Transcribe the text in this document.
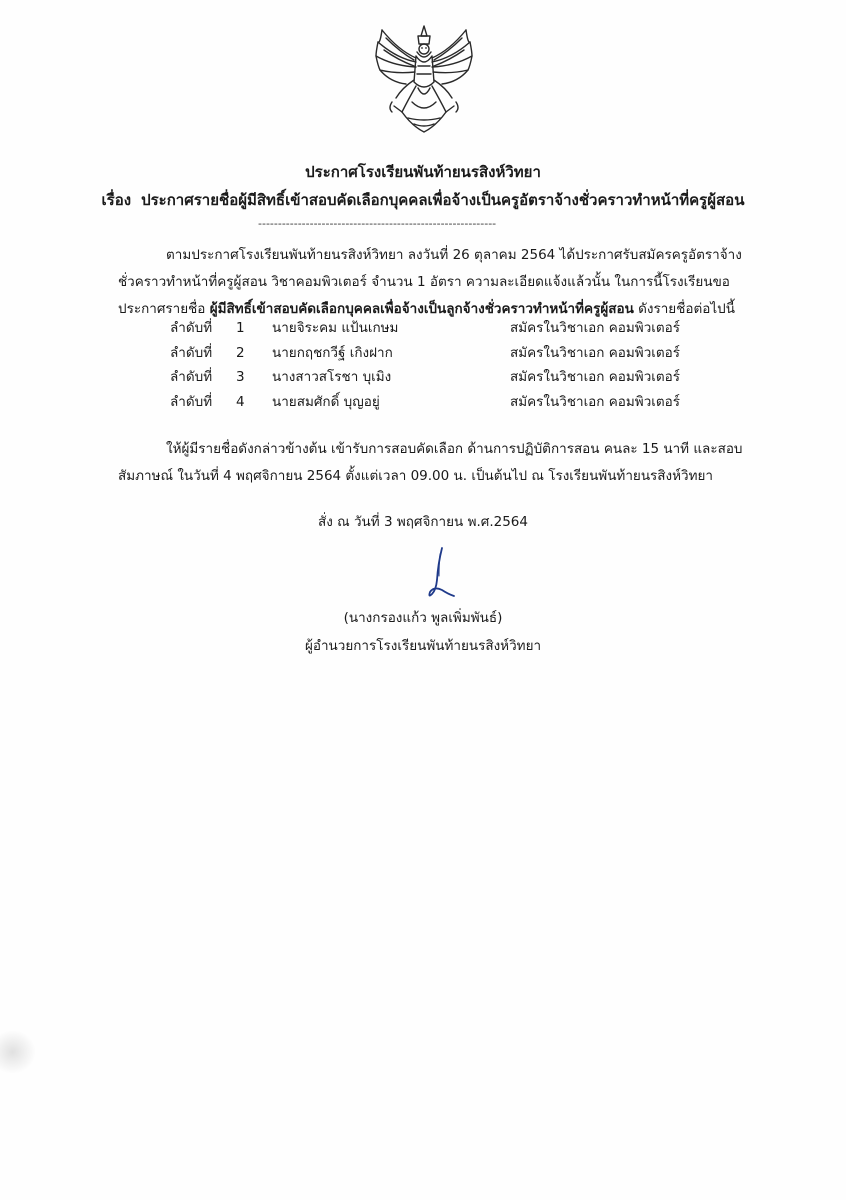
ประกาศโรงเรียนพันท้ายนรสิงห์วิทยา
เรื่อง ประกาศรายชื่อผู้มีสิทธิ์เข้าสอบคัดเลือกบุคคลเพื่อจ้างเป็นครูอัตราจ้างชั่วคราวทำหน้าที่ครูผู้สอน
------------------------------------------------------------
ตามประกาศโรงเรียนพันท้ายนรสิงห์วิทยา ลงวันที่ 26 ตุลาคม 2564 ได้ประกาศรับสมัครครูอัตราจ้าง
ชั่วคราวทำหน้าที่ครูผู้สอน วิชาคอมพิวเตอร์ จำนวน 1 อัตรา ความละเอียดแจ้งแล้วนั้น ในการนี้โรงเรียนขอ
ประกาศรายชื่อ ผู้มีสิทธิ์เข้าสอบคัดเลือกบุคคลเพื่อจ้างเป็นลูกจ้างชั่วคราวทำหน้าที่ครูผู้สอน ดังรายชื่อต่อไปนี้
ลำดับที่ 1 นายจิระคม แป้นเกษม	สมัครในวิชาเอก คอมพิวเตอร์
ลำดับที่ 2 นายกฤชกวีฐ์ เกิงฝาก	สมัครในวิชาเอก คอมพิวเตอร์
ลำดับที่ 3 นางสาวสโรชา บุเมิง	สมัครในวิชาเอก คอมพิวเตอร์
ลำดับที่ 4 นายสมศักดิ์ บุญอยู่	สมัครในวิชาเอก คอมพิวเตอร์
ให้ผู้มีรายชื่อดังกล่าวข้างต้น เข้ารับการสอบคัดเลือก ด้านการปฏิบัติการสอน คนละ 15 นาที และสอบ
สัมภาษณ์ ในวันที่ 4 พฤศจิกายน 2564 ตั้งแต่เวลา 09.00 น. เป็นต้นไป ณ โรงเรียนพันท้ายนรสิงห์วิทยา
สั่ง ณ วันที่ 3 พฤศจิกายน พ.ศ.2564
(นางกรองแก้ว พูลเพิ่มพันธ์)
ผู้อำนวยการโรงเรียนพันท้ายนรสิงห์วิทยา
